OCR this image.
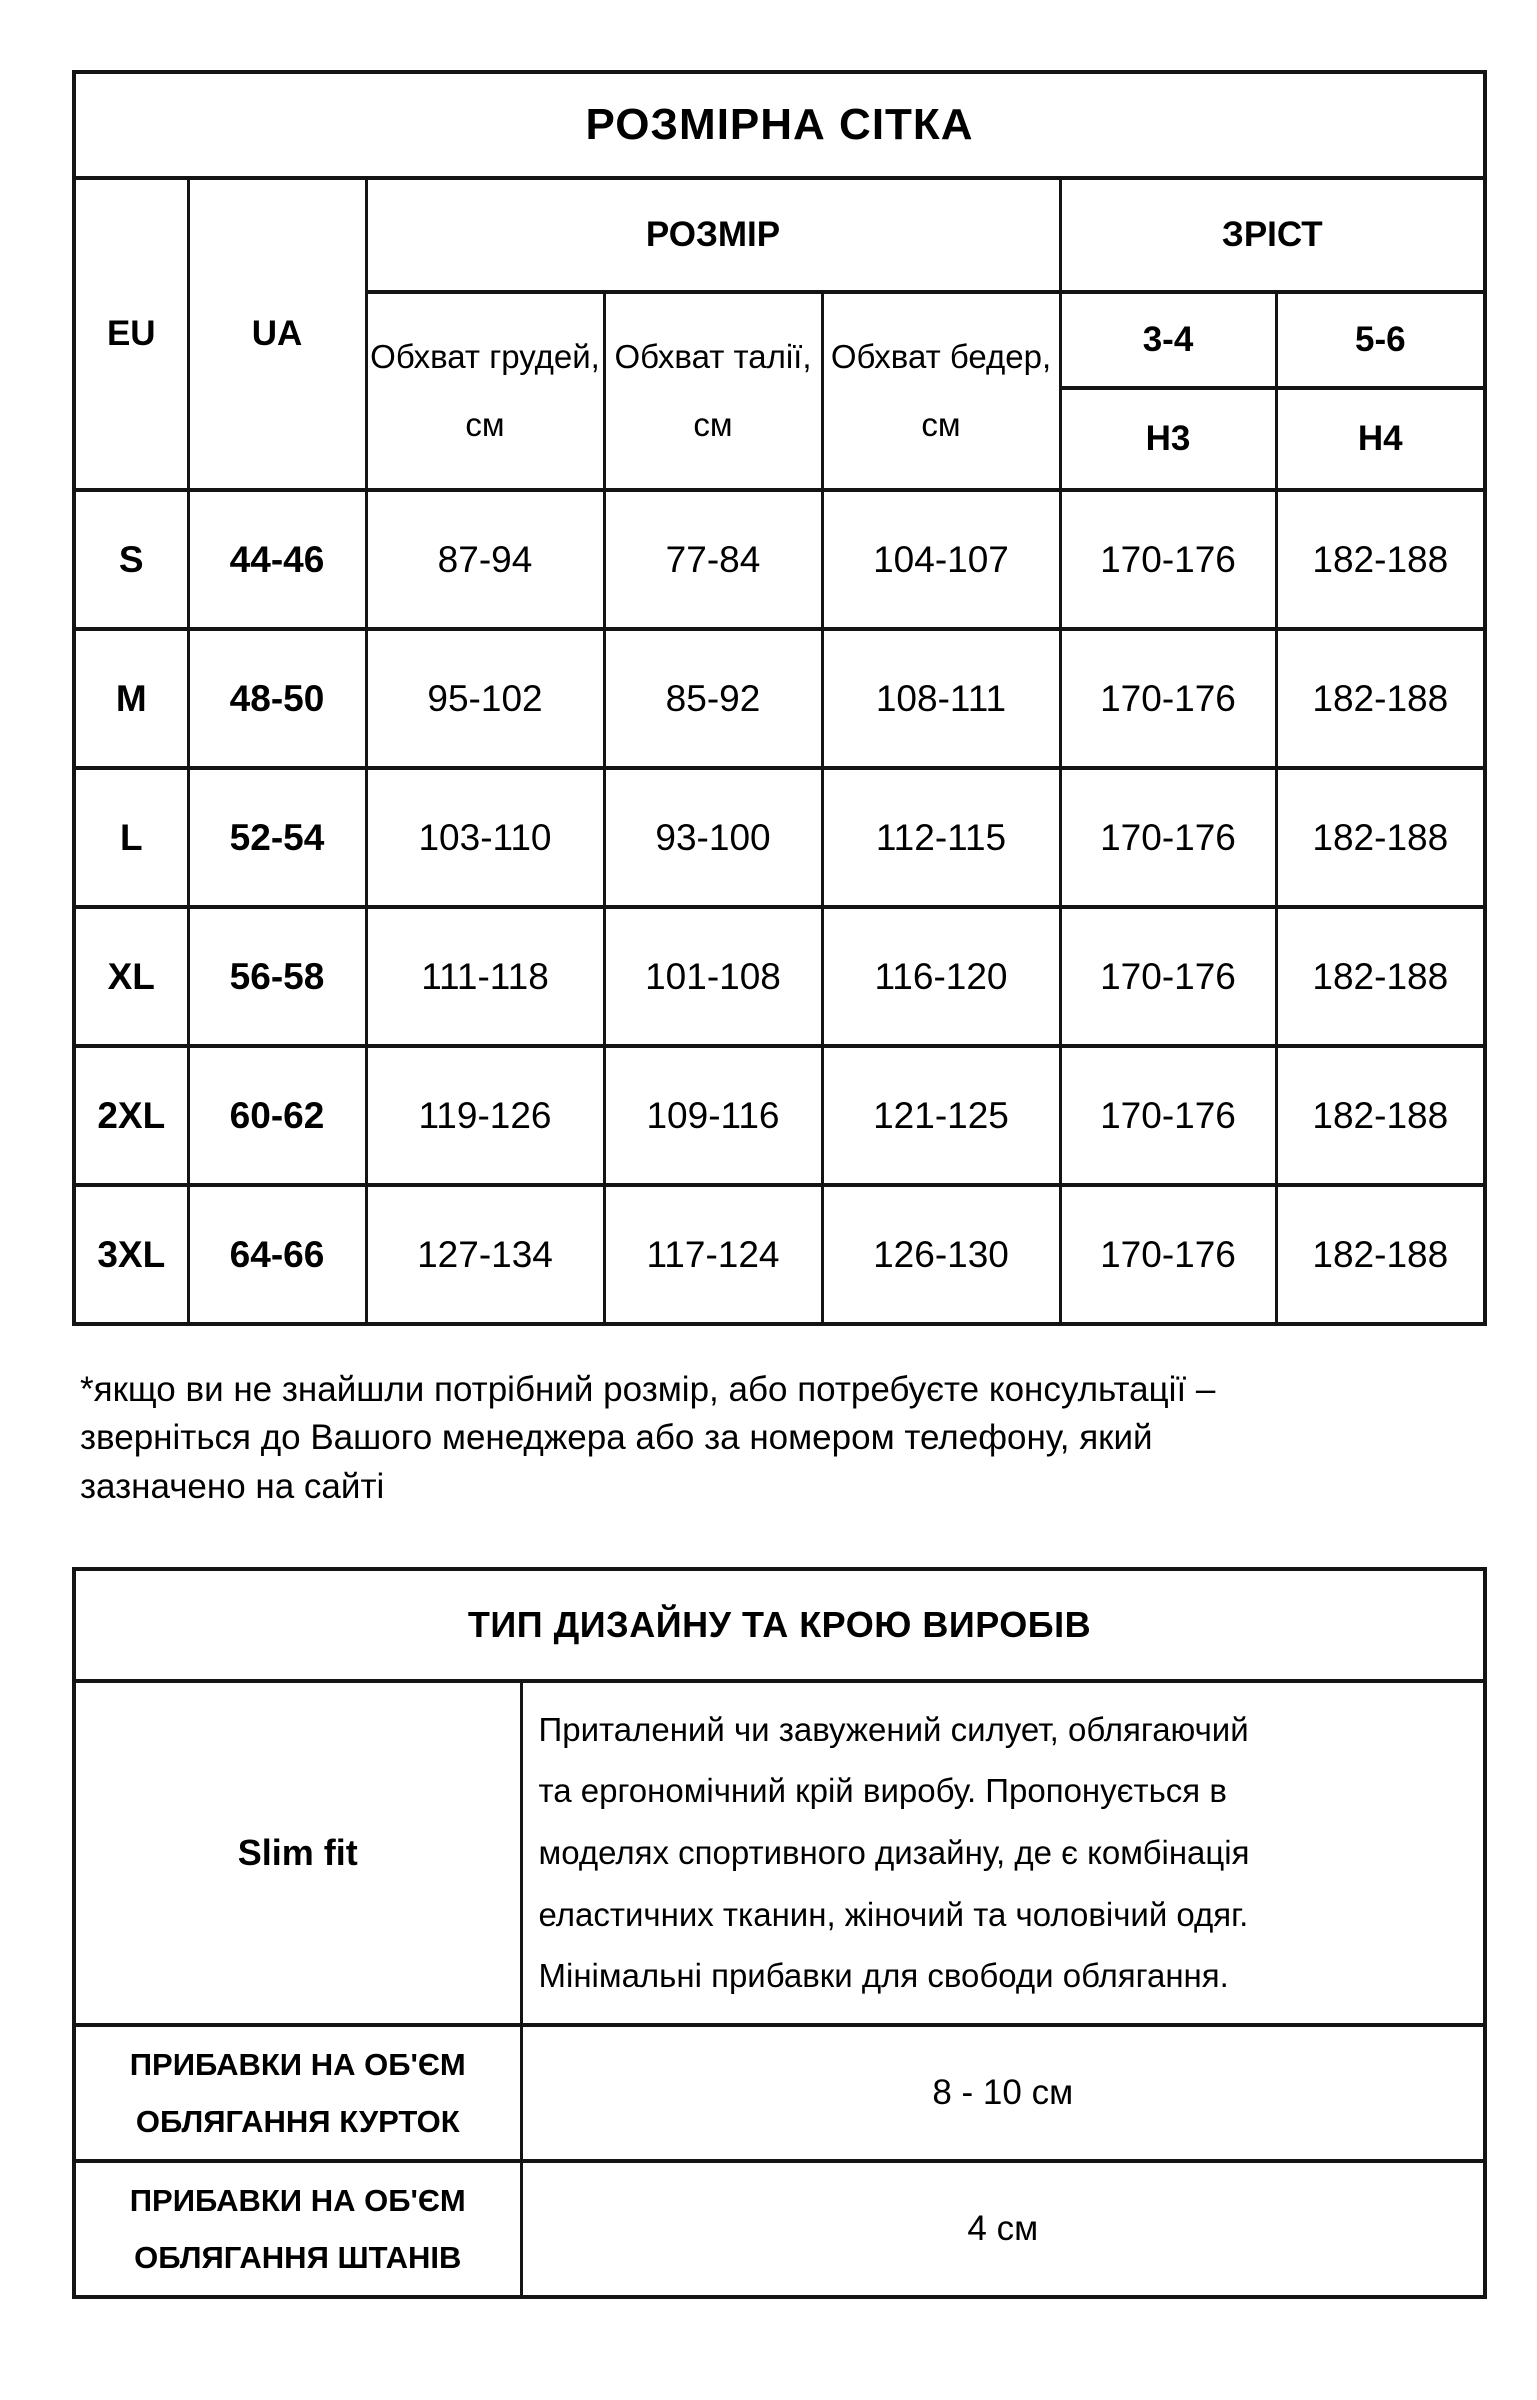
РОЗМІРНА СІТКА						
EU	UA	РОЗМІР			ЗРІСТ	
		Обхват грудей, см	Обхват талії, см	Обхват бедер, см	3-4	5-6
					Н3	Н4
S	44-46	87-94	77-84	104-107	170-176	182-188
M	48-50	95-102	85-92	108-111	170-176	182-188
L	52-54	103-110	93-100	112-115	170-176	182-188
XL	56-58	111-118	101-108	116-120	170-176	182-188
2XL	60-62	119-126	109-116	121-125	170-176	182-188
3XL	64-66	127-134	117-124	126-130	170-176	182-188

*якщо ви не знайшли потрібний розмір, або потребуєте консультації –
зверніться до Вашого менеджера або за номером телефону, який
зазначено на сайті

ТИП ДИЗАЙНУ ТА КРОЮ ВИРОБІВ	
Slim fit	Приталений чи завужений силует, облягаючий
та ергономічний крій виробу. Пропонується в
моделях спортивного дизайну, де є комбінація
еластичних тканин, жіночий та чоловічий одяг.
Мінімальні прибавки для свободи облягання.

ПРИБАВКИ НА ОБ'ЄМ ОБЛЯГАННЯ КУРТОК	8 - 10 см
ПРИБАВКИ НА ОБ'ЄМ ОБЛЯГАННЯ ШТАНІВ	4 см
